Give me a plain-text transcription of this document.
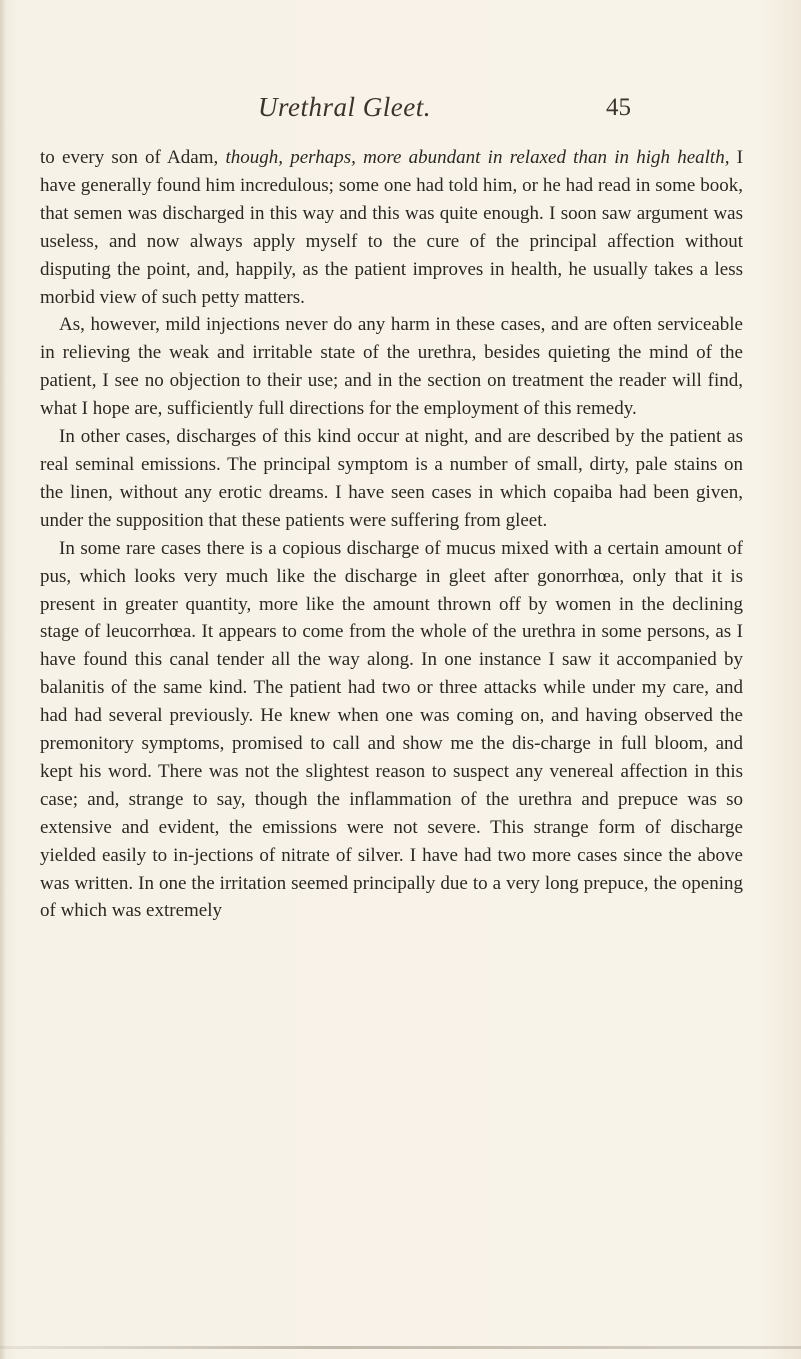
Urethral Gleet.	45

to every son of Adam, though, perhaps, more abundant in relaxed than in high health, I have generally found him incredulous; some one had told him, or he had read in some book, that semen was discharged in this way and this was quite enough. I soon saw argument was useless, and now always apply myself to the cure of the principal affection without disputing the point, and, happily, as the patient improves in health, he usually takes a less morbid view of such petty matters.

As, however, mild injections never do any harm in these cases, and are often serviceable in relieving the weak and irritable state of the urethra, besides quieting the mind of the patient, I see no objection to their use; and in the section on treatment the reader will find, what I hope are, sufficiently full directions for the employment of this remedy.

In other cases, discharges of this kind occur at night, and are described by the patient as real seminal emissions. The principal symptom is a number of small, dirty, pale stains on the linen, without any erotic dreams. I have seen cases in which copaiba had been given, under the supposition that these patients were suffering from gleet.

In some rare cases there is a copious discharge of mucus mixed with a certain amount of pus, which looks very much like the discharge in gleet after gonorrhœa, only that it is present in greater quantity, more like the amount thrown off by women in the declining stage of leucorrhœa. It appears to come from the whole of the urethra in some persons, as I have found this canal tender all the way along. In one instance I saw it accompanied by balanitis of the same kind. The patient had two or three attacks while under my care, and had had several previously. He knew when one was coming on, and having observed the premonitory symptoms, promised to call and show me the dis-charge in full bloom, and kept his word. There was not the slightest reason to suspect any venereal affection in this case; and, strange to say, though the inflammation of the urethra and prepuce was so extensive and evident, the emissions were not severe. This strange form of discharge yielded easily to in-jections of nitrate of silver. I have had two more cases since the above was written. In one the irritation seemed principally due to a very long prepuce, the opening of which was extremely
